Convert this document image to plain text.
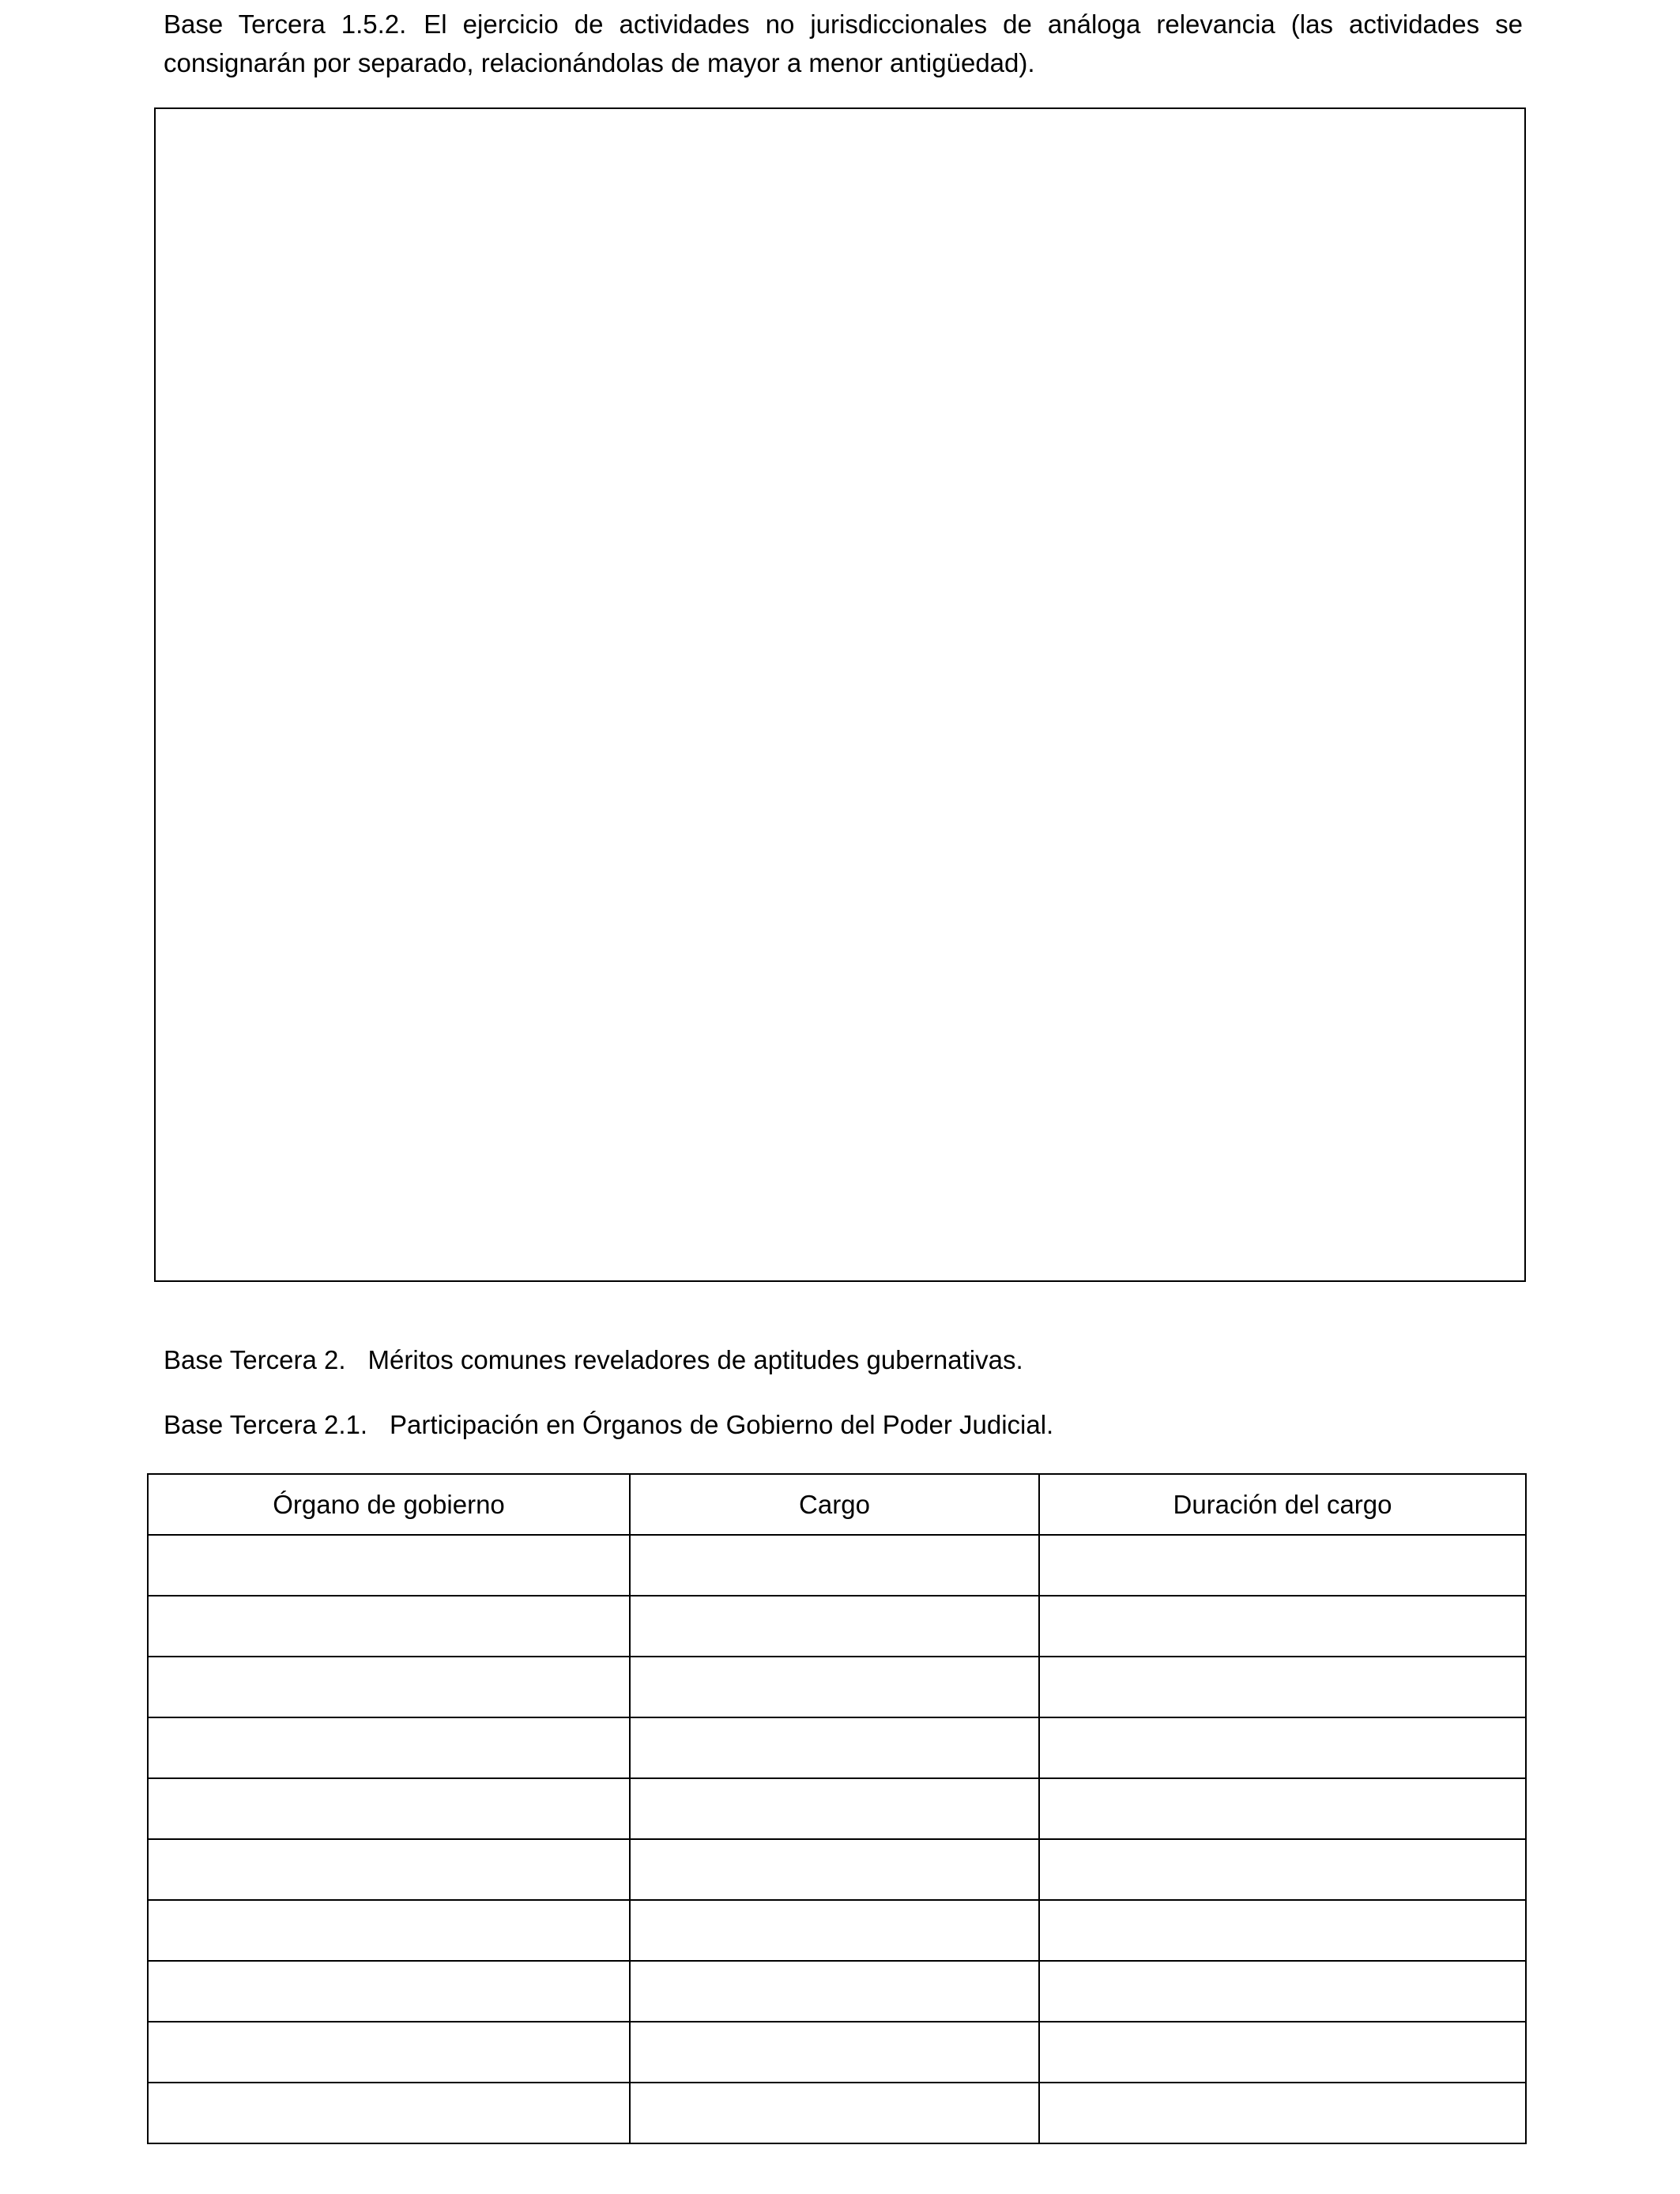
Base Tercera 1.5.2. El ejercicio de actividades no jurisdiccionales de análoga relevancia (las actividades se consignarán por separado, relacionándolas de mayor a menor antigüedad).

Base Tercera 2. Méritos comunes reveladores de aptitudes gubernativas.

Base Tercera 2.1. Participación en Órganos de Gobierno del Poder Judicial.

Órgano de gobierno	Cargo	Duración del cargo
